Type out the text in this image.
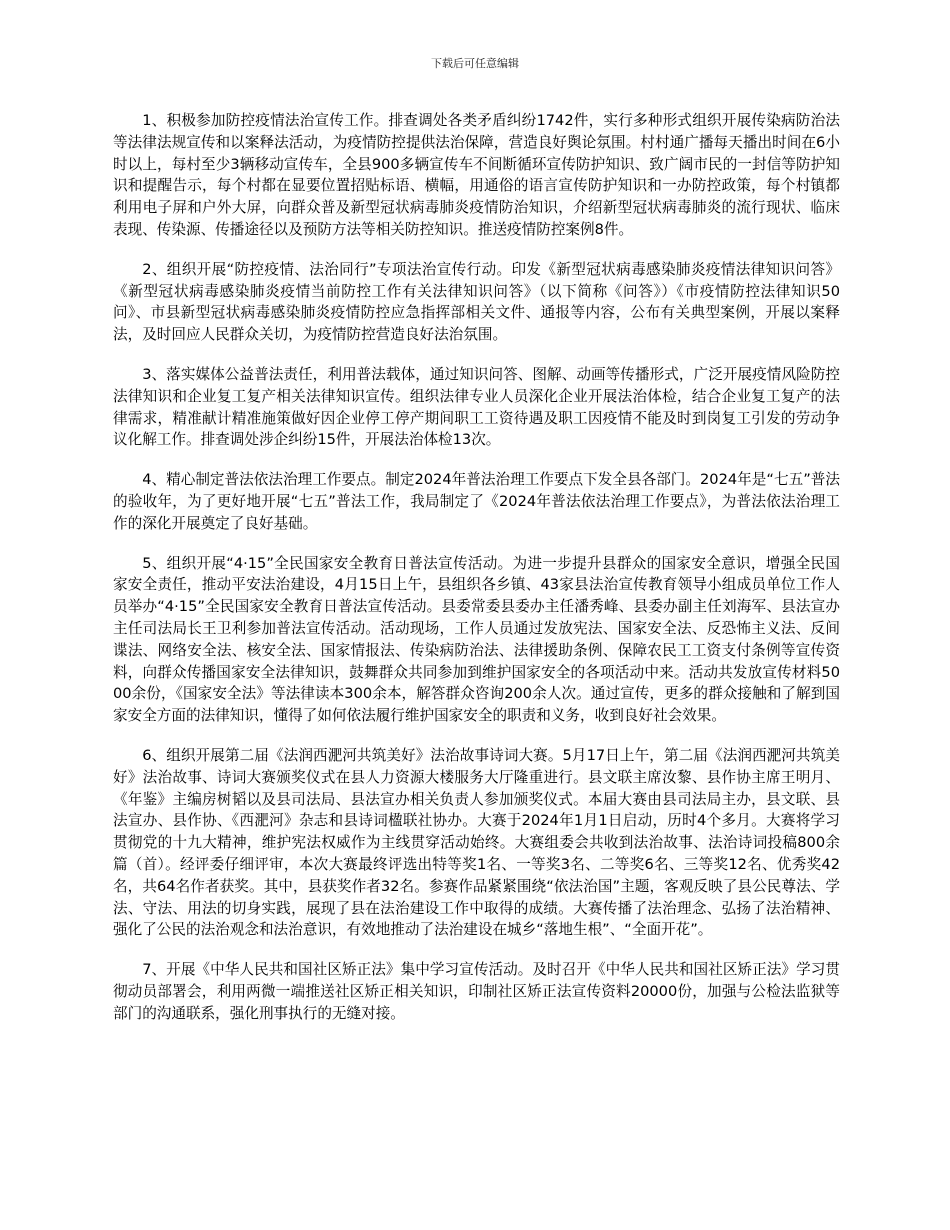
下载后可任意编辑

1、积极参加防控疫情法治宣传工作。排查调处各类矛盾纠纷1742件，实行多种形式组织开展传染病防治法等法律法规宣传和以案释法活动，为疫情防控提供法治保障，营造良好舆论氛围。村村通广播每天播出时间在6小时以上，每村至少3辆移动宣传车，全县900多辆宣传车不间断循环宣传防护知识、致广阔市民的一封信等防护知识和提醒告示，每个村都在显要位置招贴标语、横幅，用通俗的语言宣传防护知识和一办防控政策，每个村镇都利用电子屏和户外大屏，向群众普及新型冠状病毒肺炎疫情防治知识，介绍新型冠状病毒肺炎的流行现状、临床表现、传染源、传播途径以及预防方法等相关防控知识。推送疫情防控案例8件。

2、组织开展“防控疫情、法治同行”专项法治宣传行动。印发《新型冠状病毒感染肺炎疫情法律知识问答》《新型冠状病毒感染肺炎疫情当前防控工作有关法律知识问答》（以下简称《问答》）《市疫情防控法律知识50问》、市县新型冠状病毒感染肺炎疫情防控应急指挥部相关文件、通报等内容，公布有关典型案例，开展以案释法，及时回应人民群众关切，为疫情防控营造良好法治氛围。

3、落实媒体公益普法责任，利用普法载体，通过知识问答、图解、动画等传播形式，广泛开展疫情风险防控法律知识和企业复工复产相关法律知识宣传。组织法律专业人员深化企业开展法治体检，结合企业复工复产的法律需求，精准献计精准施策做好因企业停工停产期间职工工资待遇及职工因疫情不能及时到岗复工引发的劳动争议化解工作。排查调处涉企纠纷15件，开展法治体检13次。

4、精心制定普法依法治理工作要点。制定2024年普法治理工作要点下发全县各部门。2024年是“七五”普法的验收年，为了更好地开展“七五”普法工作，我局制定了《2024年普法依法治理工作要点》，为普法依法治理工作的深化开展奠定了良好基础。

5、组织开展“4·15”全民国家安全教育日普法宣传活动。为进一步提升县群众的国家安全意识，增强全民国家安全责任，推动平安法治建设，4月15日上午，县组织各乡镇、43家县法治宣传教育领导小组成员单位工作人员举办“4·15”全民国家安全教育日普法宣传活动。县委常委县委办主任潘秀峰、县委办副主任刘海军、县法宣办主任司法局长王卫利参加普法宣传活动。活动现场，工作人员通过发放宪法、国家安全法、反恐怖主义法、反间谍法、网络安全法、核安全法、国家情报法、传染病防治法、法律援助条例、保障农民工工资支付条例等宣传资料，向群众传播国家安全法律知识，鼓舞群众共同参加到维护国家安全的各项活动中来。活动共发放宣传材料5000余份，《国家安全法》等法律读本300余本，解答群众咨询200余人次。通过宣传，更多的群众接触和了解到国家安全方面的法律知识，懂得了如何依法履行维护国家安全的职责和义务，收到良好社会效果。

6、组织开展第二届《法润西淝河共筑美好》法治故事诗词大赛。5月17日上午，第二届《法润西淝河共筑美好》法治故事、诗词大赛颁奖仪式在县人力资源大楼服务大厅隆重进行。县文联主席汝黎、县作协主席王明月、《年鉴》主编房树韬以及县司法局、县法宣办相关负责人参加颁奖仪式。本届大赛由县司法局主办，县文联、县法宣办、县作协、《西淝河》杂志和县诗词楹联社协办。大赛于2024年1月1日启动，历时4个多月。大赛将学习贯彻党的十九大精神，维护宪法权威作为主线贯穿活动始终。大赛组委会共收到法治故事、法治诗词投稿800余篇（首）。经评委仔细评审，本次大赛最终评选出特等奖1名、一等奖3名、二等奖6名、三等奖12名、优秀奖42名，共64名作者获奖。其中，县获奖作者32名。参赛作品紧紧围绕“依法治国”主题，客观反映了县公民尊法、学法、守法、用法的切身实践，展现了县在法治建设工作中取得的成绩。大赛传播了法治理念、弘扬了法治精神、强化了公民的法治观念和法治意识，有效地推动了法治建设在城乡“落地生根”、“全面开花”。

7、开展《中华人民共和国社区矫正法》集中学习宣传活动。及时召开《中华人民共和国社区矫正法》学习贯彻动员部署会，利用两微一端推送社区矫正相关知识，印制社区矫正法宣传资料20000份，加强与公检法监狱等部门的沟通联系，强化刑事执行的无缝对接。
